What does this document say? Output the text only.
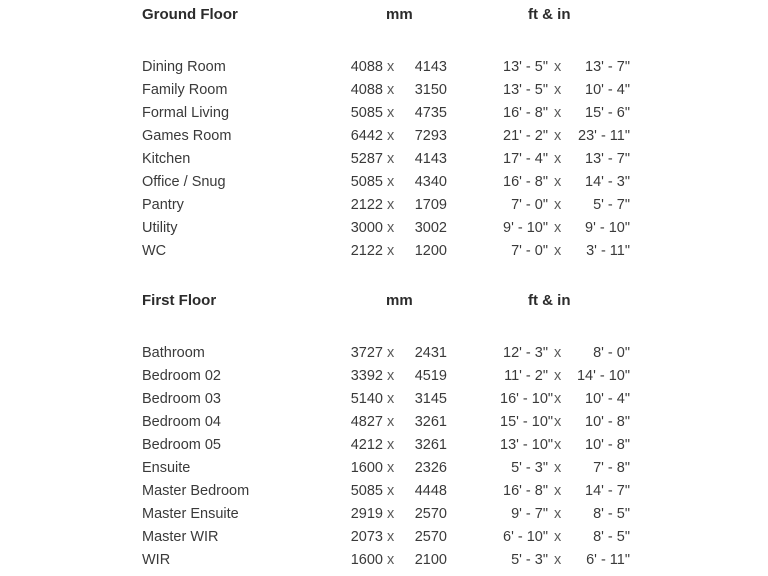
Ground Floor	mm	ft & in
Dining Room	4088 x	4143	13' - 5" x	13' - 7"
Family Room	4088 x	3150	13' - 5" x	10' - 4"
Formal Living	5085 x	4735	16' - 8" x	15' - 6"
Games Room	6442 x	7293	21' - 2" x	23' - 11"
Kitchen	5287 x	4143	17' - 4" x	13' - 7"
Office / Snug	5085 x	4340	16' - 8" x	14' - 3"
Pantry	2122 x	1709	7' - 0" x	5' - 7"
Utility	3000 x	3002	9' - 10" x	9' - 10"
WC	2122 x	1200	7' - 0" x	3' - 11"
First Floor	mm	ft & in
Bathroom	3727 x	2431	12' - 3" x	8' - 0"
Bedroom 02	3392 x	4519	11' - 2" x	14' - 10"
Bedroom 03	5140 x	3145	16' - 10" x	10' - 4"
Bedroom 04	4827 x	3261	15' - 10" x	10' - 8"
Bedroom 05	4212 x	3261	13' - 10" x	10' - 8"
Ensuite	1600 x	2326	5' - 3" x	7' - 8"
Master Bedroom	5085 x	4448	16' - 8" x	14' - 7"
Master Ensuite	2919 x	2570	9' - 7" x	8' - 5"
Master WIR	2073 x	2570	6' - 10" x	8' - 5"
WIR	1600 x	2100	5' - 3" x	6' - 11"
